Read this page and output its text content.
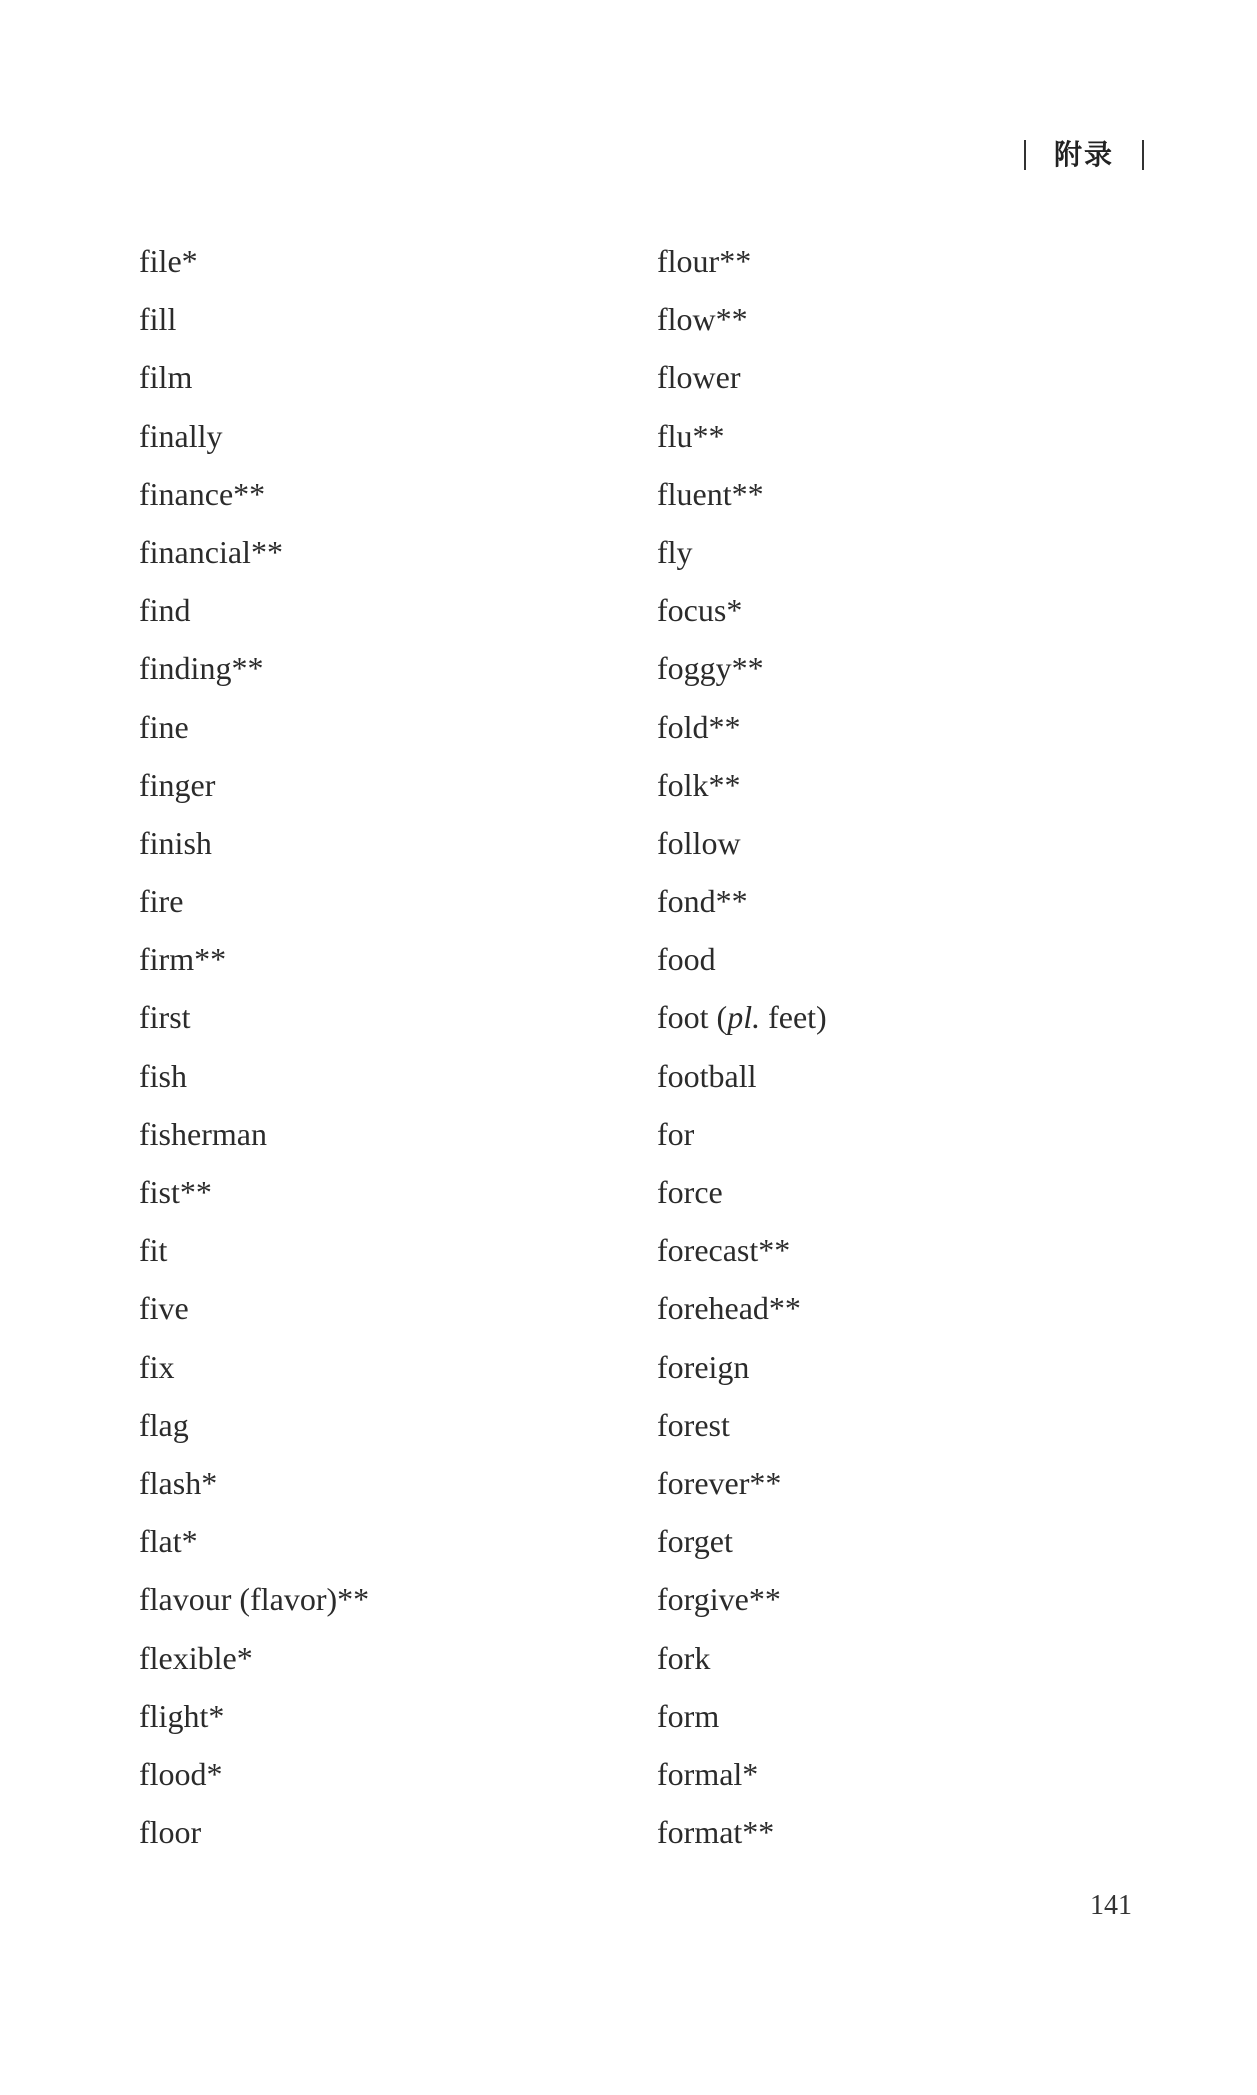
附录
file*
fill
film
finally
finance**
financial**
find
finding**
fine
finger
finish
fire
firm**
first
fish
fisherman
fist**
fit
five
fix
flag
flash*
flat*
flavour (flavor)**
flexible*
flight*
flood*
floor
flour**
flow**
flower
flu**
fluent**
fly
focus*
foggy**
fold**
folk**
follow
fond**
food
foot (pl. feet)
football
for
force
forecast**
forehead**
foreign
forest
forever**
forget
forgive**
fork
form
formal*
format**
141
